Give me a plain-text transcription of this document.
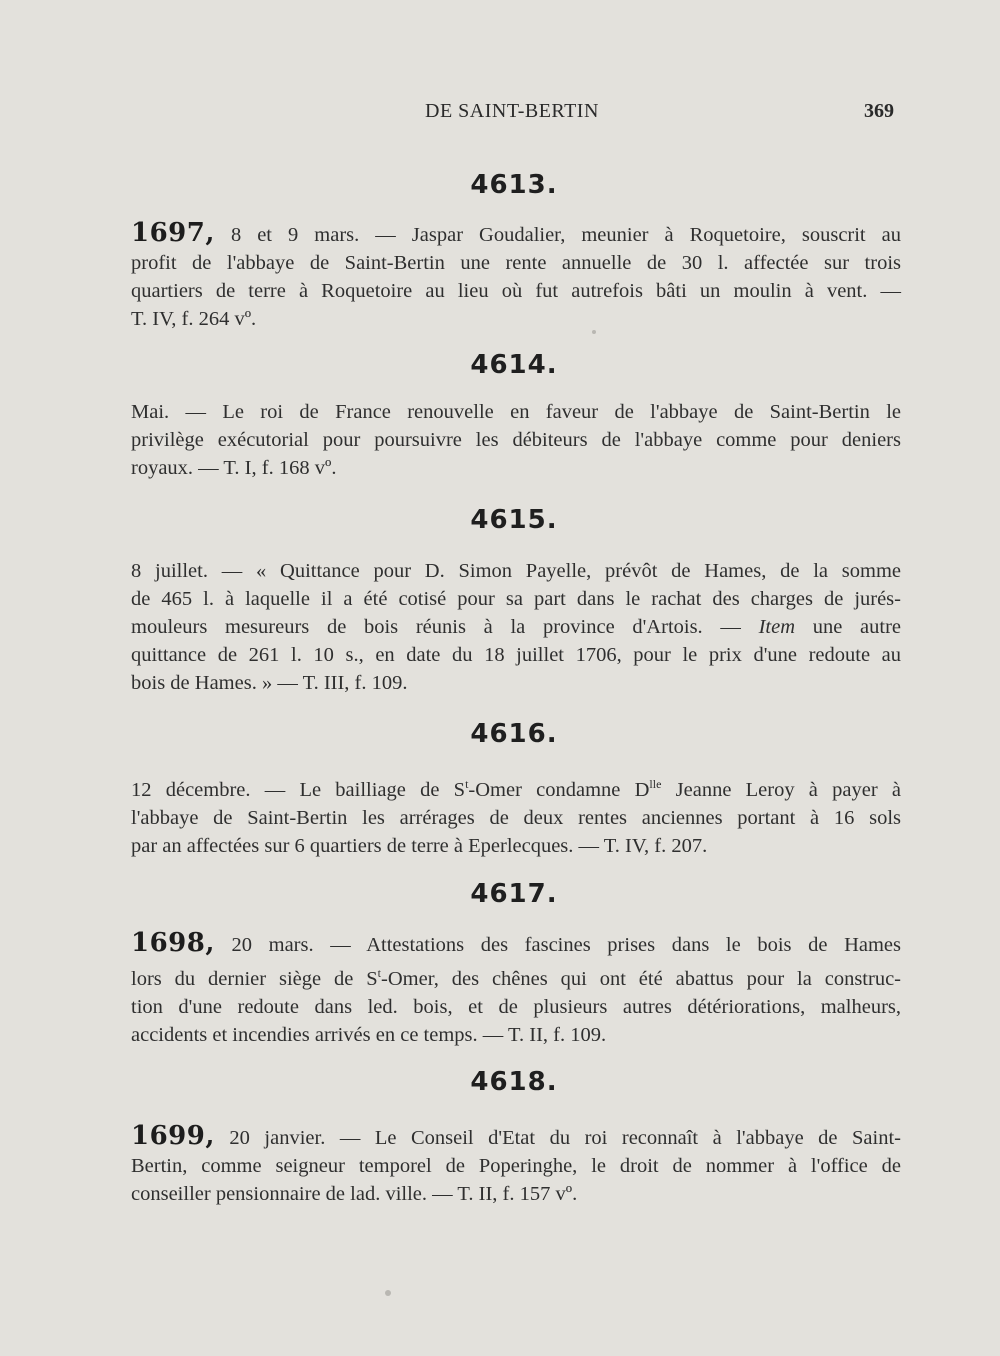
DE SAINT-BERTIN	369
4613.
1697, 8 et 9 mars. — Jaspar Goudalier, meunier à Roquetoire, souscrit au
profit de l'abbaye de Saint-Bertin une rente annuelle de 30 l. affectée sur trois
quartiers de terre à Roquetoire au lieu où fut autrefois bâti un moulin à vent. —
T. IV, f. 264 vº.
4614.
Mai. — Le roi de France renouvelle en faveur de l'abbaye de Saint-Bertin le
privilège exécutorial pour poursuivre les débiteurs de l'abbaye comme pour deniers
royaux. — T. I, f. 168 vº.
4615.
8 juillet. — « Quittance pour D. Simon Payelle, prévôt de Hames, de la somme
de 465 l. à laquelle il a été cotisé pour sa part dans le rachat des charges de jurés-
mouleurs mesureurs de bois réunis à la province d'Artois. — Item une autre
quittance de 261 l. 10 s., en date du 18 juillet 1706, pour le prix d'une redoute au
bois de Hames. » — T. III, f. 109.
4616.
12 décembre. — Le bailliage de $S^t$-Omer condamne $D^{lle}$ Jeanne Leroy à payer à
l'abbaye de Saint-Bertin les arrérages de deux rentes anciennes portant à 16 sols
par an affectées sur 6 quartiers de terre à Eperlecques. — T. IV, f. 207.
4617.
1698, 20 mars. — Attestations des fascines prises dans le bois de Hames
lors du dernier siège de $S^t$-Omer, des chênes qui ont été abattus pour la construc-
tion d'une redoute dans led. bois, et de plusieurs autres détériorations, malheurs,
accidents et incendies arrivés en ce temps. — T. II, f. 109.
4618.
1699, 20 janvier. — Le Conseil d'Etat du roi reconnaît à l'abbaye de Saint-
Bertin, comme seigneur temporel de Poperinghe, le droit de nommer à l'office de
conseiller pensionnaire de lad. ville. — T. II, f. 157 vº.
